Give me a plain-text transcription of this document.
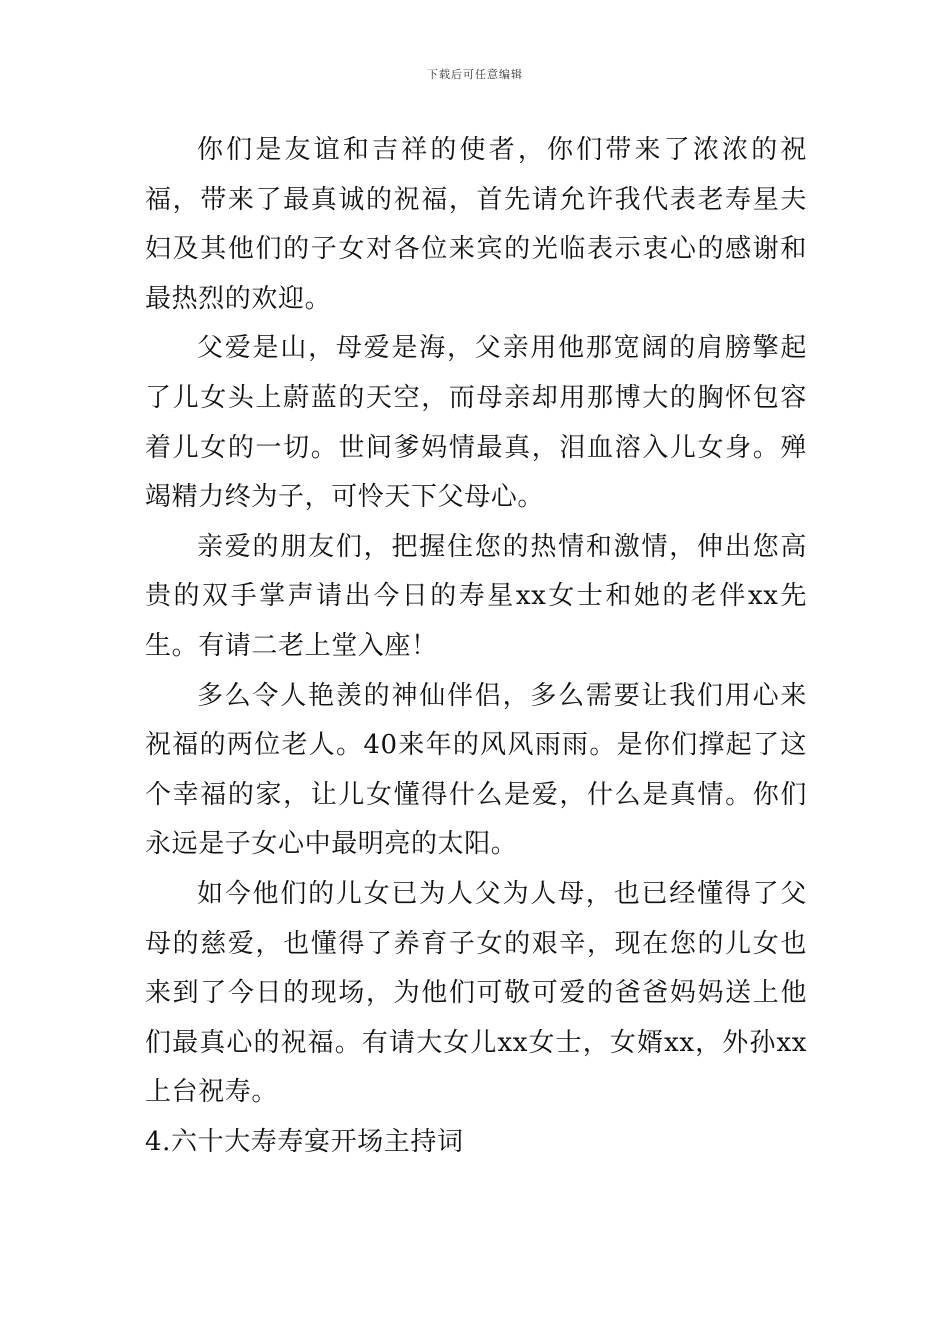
下载后可任意编辑

你们是友谊和吉祥的使者，你们带来了浓浓的祝福，带来了最真诚的祝福，首先请允许我代表老寿星夫妇及其他们的子女对各位来宾的光临表示衷心的感谢和最热烈的欢迎。

父爱是山，母爱是海，父亲用他那宽阔的肩膀擎起了儿女头上蔚蓝的天空，而母亲却用那博大的胸怀包容着儿女的一切。世间爹妈情最真，泪血溶入儿女身。殚竭精力终为子，可怜天下父母心。

亲爱的朋友们，把握住您的热情和激情，伸出您高贵的双手掌声请出今日的寿星xx女士和她的老伴xx先生。有请二老上堂入座！

多么令人艳羡的神仙伴侣，多么需要让我们用心来祝福的两位老人。40来年的风风雨雨。是你们撑起了这个幸福的家，让儿女懂得什么是爱，什么是真情。你们永远是子女心中最明亮的太阳。

如今他们的儿女已为人父为人母，也已经懂得了父母的慈爱，也懂得了养育子女的艰辛，现在您的儿女也来到了今日的现场，为他们可敬可爱的爸爸妈妈送上他们最真心的祝福。有请大女儿xx女士，女婿xx，外孙xx上台祝寿。

4.六十大寿寿宴开场主持词
